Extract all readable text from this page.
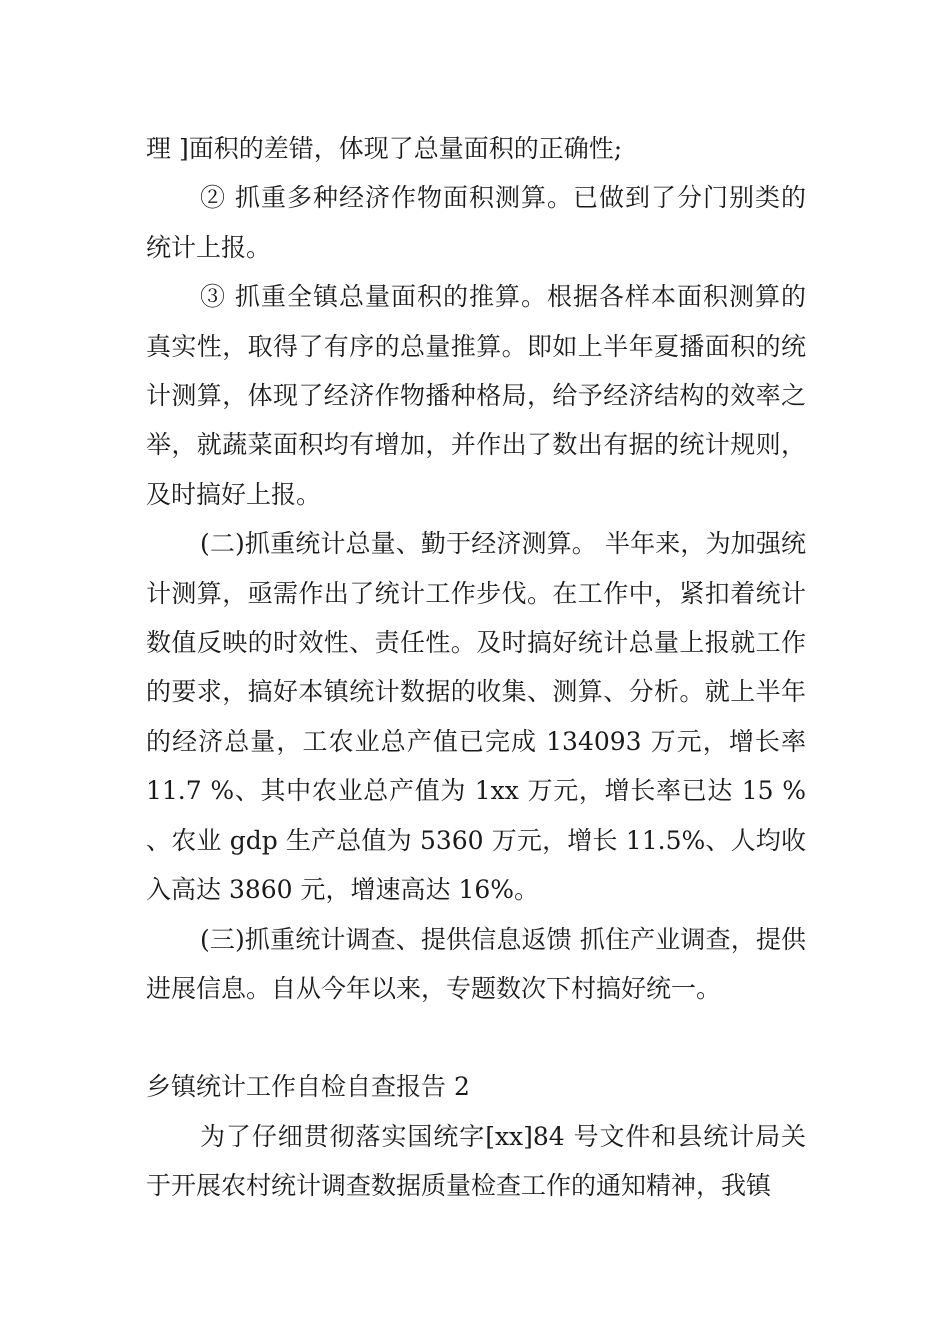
理 ]面积的差错，体现了总量面积的正确性;

② 抓重多种经济作物面积测算。已做到了分门别类的统计上报。

③ 抓重全镇总量面积的推算。根据各样本面积测算的真实性，取得了有序的总量推算。即如上半年夏播面积的统计测算，体现了经济作物播种格局，给予经济结构的效率之举，就蔬菜面积均有增加，并作出了数出有据的统计规则，及时搞好上报。

(二)抓重统计总量、勤于经济测算。 半年来，为加强统计测算，亟需作出了统计工作步伐。在工作中，紧扣着统计数值反映的时效性、责任性。及时搞好统计总量上报就工作的要求，搞好本镇统计数据的收集、测算、分析。就上半年的经济总量，工农业总产值已完成 134093 万元，增长率 11.7 %、其中农业总产值为 1xx 万元，增长率已达 15 % 、农业 gdp 生产总值为 5360 万元，增长 11.5%、人均收入高达 3860 元，增速高达 16%。

(三)抓重统计调查、提供信息返馈 抓住产业调查，提供进展信息。自从今年以来，专题数次下村搞好统一。

乡镇统计工作自检自查报告 2

为了仔细贯彻落实国统字[xx]84 号文件和县统计局关于开展农村统计调查数据质量检查工作的通知精神，我镇
